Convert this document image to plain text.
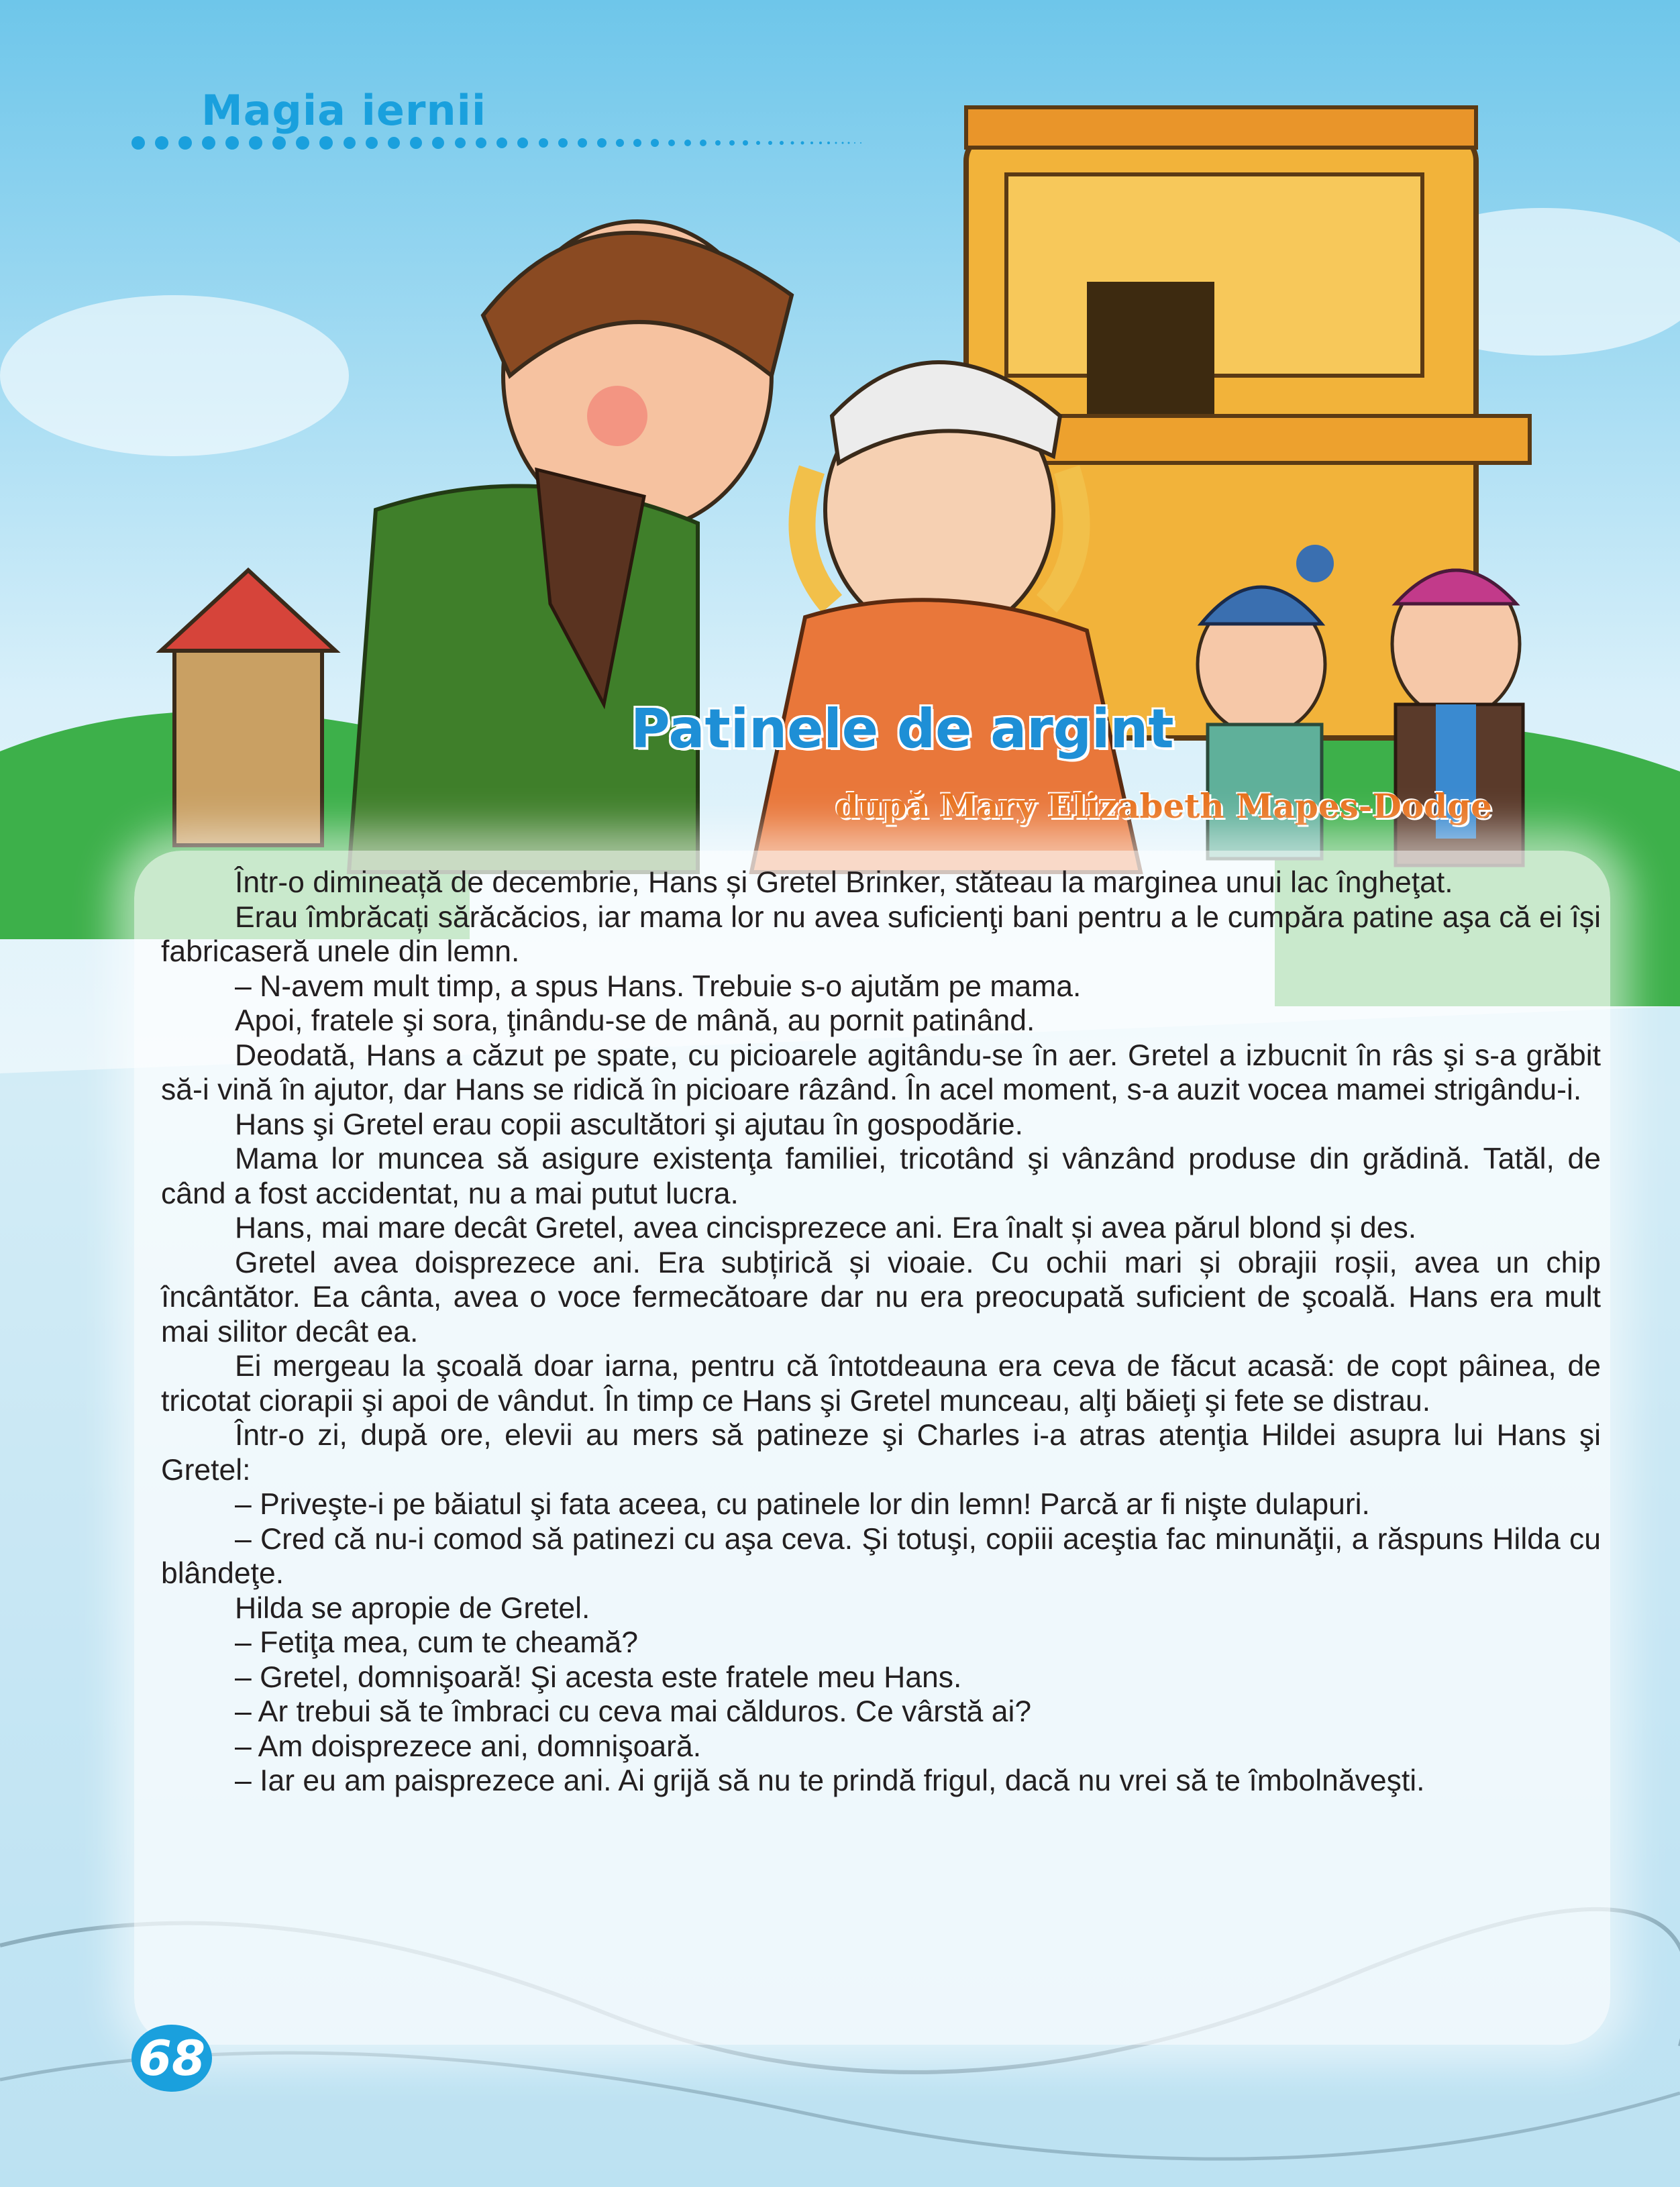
Magia iernii
Patinele de argint
după Mary Elizabeth Mapes-Dodge

Într-o dimineață de decembrie, Hans și Gretel Brinker, stăteau la marginea unui lac îngheţat.

Erau îmbrăcați sărăcăcios, iar mama lor nu avea suficienţi bani pentru a le cumpăra patine aşa că ei își fabricaseră unele din lemn.

– N-avem mult timp, a spus Hans. Trebuie s-o ajutăm pe mama.

Apoi, fratele şi sora, ţinându-se de mână, au pornit patinând.

Deodată, Hans a căzut pe spate, cu picioarele agitându-se în aer. Gretel a izbucnit în râs şi s-a grăbit să-i vină în ajutor, dar Hans se ridică în picioare râzând. În acel moment, s-a auzit vocea mamei strigându-i.

Hans şi Gretel erau copii ascultători şi ajutau în gospodărie.

Mama lor muncea să asigure existenţa familiei, tricotând şi vânzând produse din grădină. Tatăl, de când a fost accidentat, nu a mai putut lucra.

Hans, mai mare decât Gretel, avea cincisprezece ani. Era înalt și avea părul blond și des.

Gretel avea doisprezece ani. Era subțirică și vioaie. Cu ochii mari și obrajii roșii, avea un chip încântător. Ea cânta, avea o voce fermecătoare dar nu era preocupată suficient de şcoală. Hans era mult mai silitor decât ea.

Ei mergeau la şcoală doar iarna, pentru că întotdeauna era ceva de făcut acasă: de copt pâinea, de tricotat ciorapii şi apoi de vândut. În timp ce Hans şi Gretel munceau, alţi băieţi şi fete se distrau.

Într-o zi, după ore, elevii au mers să patineze şi Charles i-a atras atenţia Hildei asupra lui Hans şi Gretel:

– Priveşte-i pe băiatul şi fata aceea, cu patinele lor din lemn! Parcă ar fi nişte dulapuri.

– Cred că nu-i comod să patinezi cu aşa ceva. Şi totuşi, copiii aceştia fac minunăţii, a răspuns Hilda cu blândeţe.

Hilda se apropie de Gretel.

– Fetiţa mea, cum te cheamă?

– Gretel, domnişoară! Şi acesta este fratele meu Hans.

– Ar trebui să te îmbraci cu ceva mai călduros. Ce vârstă ai?

– Am doisprezece ani, domnişoară.

– Iar eu am paisprezece ani. Ai grijă să nu te prindă frigul, dacă nu vrei să te îmbolnăveşti.

68
